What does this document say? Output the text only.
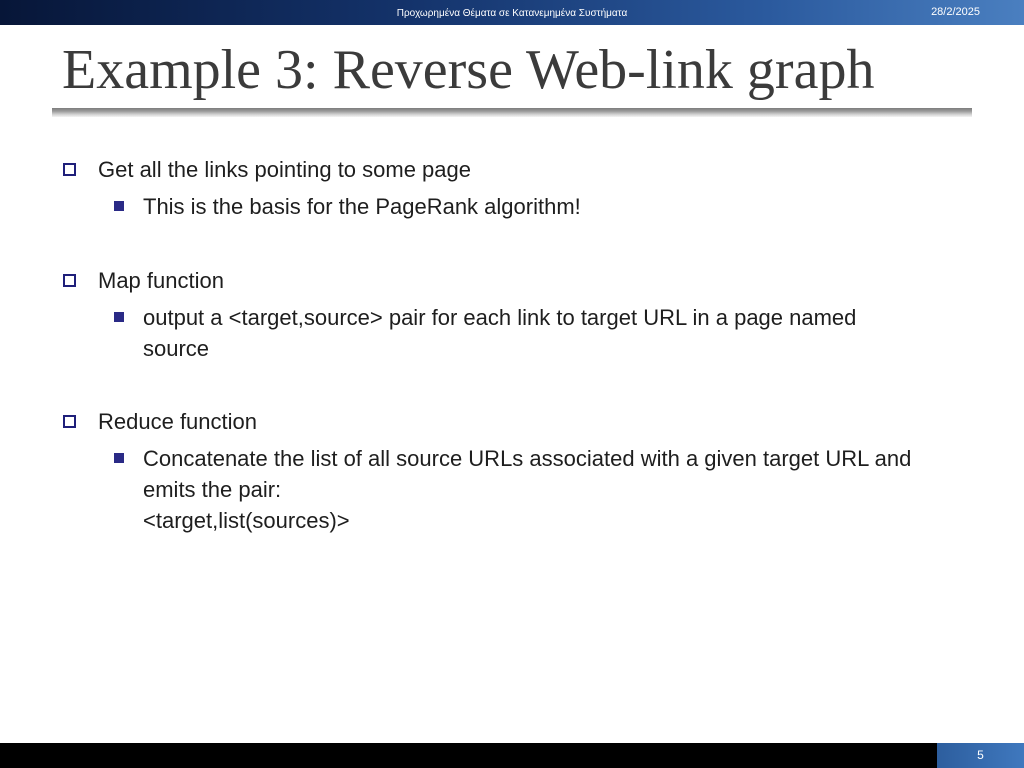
Προχωρημένα Θέματα σε Κατανεμημένα Συστήματα	28/2/2025
Example 3: Reverse Web-link graph
Get all the links pointing to some page
This is the basis for the PageRank algorithm!
Map function
output a <target,source> pair for each link to target URL in a page named
source
Reduce function
Concatenate the list of all source URLs associated with a given target URL and
emits the pair:
<target,list(sources)>
5
